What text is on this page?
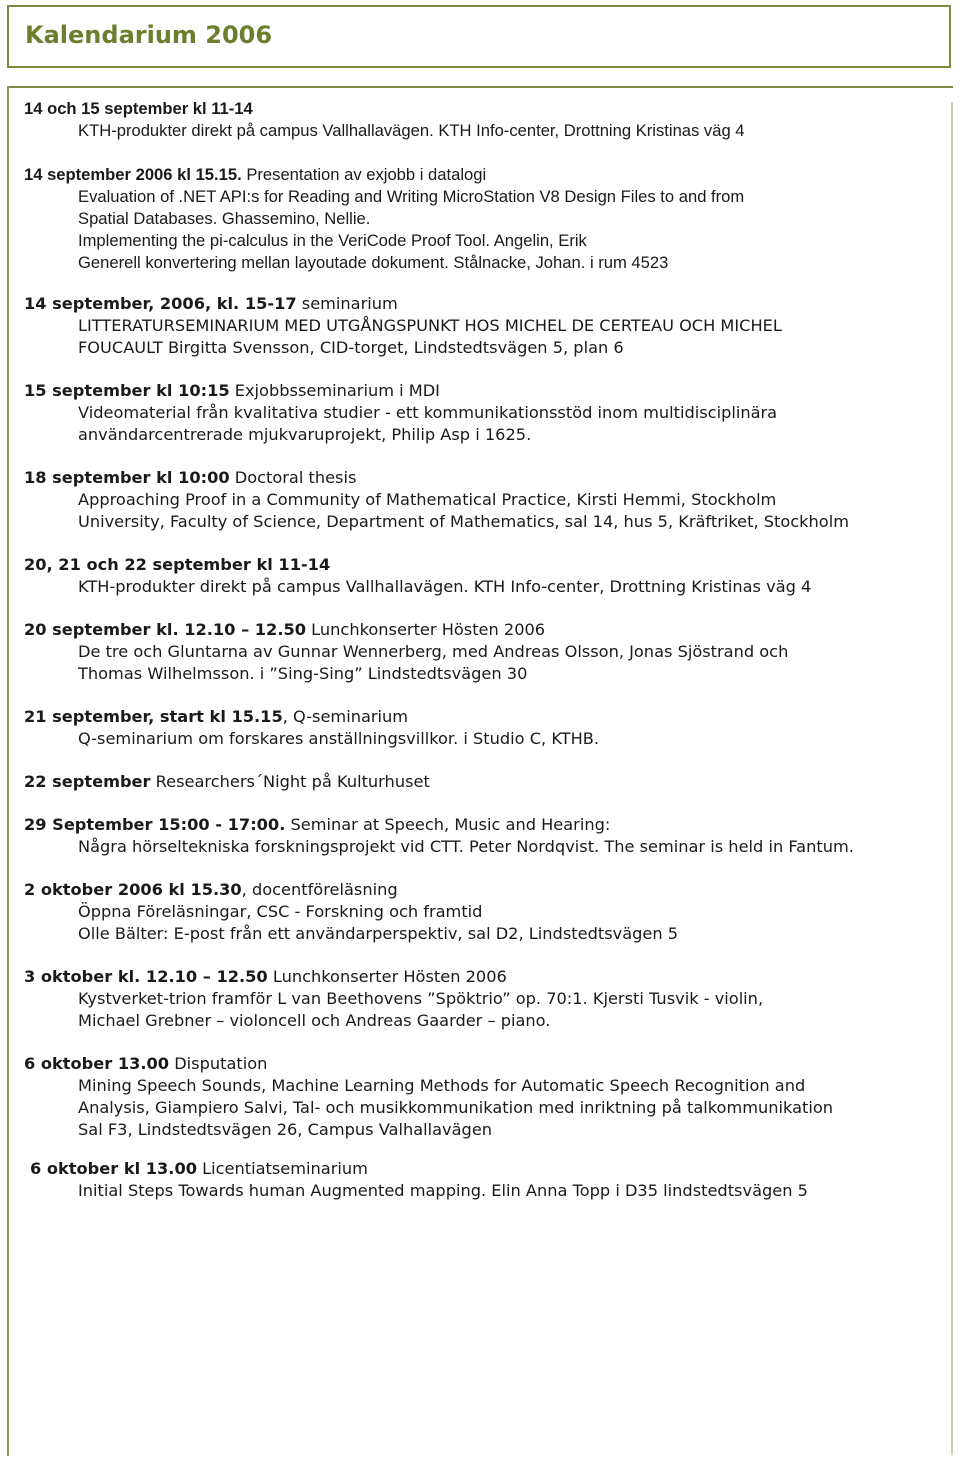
Kalendarium 2006
14 och 15 september kl 11-14
KTH-produkter direkt på campus Vallhallavägen. KTH Info-center, Drottning Kristinas väg 4
14 september 2006 kl 15.15. Presentation av exjobb i datalogi
Evaluation of .NET API:s for Reading and Writing MicroStation V8 Design Files to and from
Spatial Databases. Ghassemino, Nellie.
Implementing the pi-calculus in the VeriCode Proof Tool. Angelin, Erik
Generell konvertering mellan layoutade dokument. Stålnacke, Johan. i rum 4523
14 september, 2006, kl. 15-17 seminarium
LITTERATURSEMINARIUM MED UTGÅNGSPUNKT HOS MICHEL DE CERTEAU OCH MICHEL
FOUCAULT Birgitta Svensson, CID-torget, Lindstedtsvägen 5, plan 6
15 september kl 10:15 Exjobbsseminarium i MDI
Videomaterial från kvalitativa studier - ett kommunikationsstöd inom multidisciplinära
användarcentrerade mjukvaruprojekt, Philip Asp i 1625.
18 september kl 10:00 Doctoral thesis
Approaching Proof in a Community of Mathematical Practice, Kirsti Hemmi, Stockholm
University, Faculty of Science, Department of Mathematics, sal 14, hus 5, Kräftriket, Stockholm
20, 21 och 22 september kl 11-14
KTH-produkter direkt på campus Vallhallavägen. KTH Info-center, Drottning Kristinas väg 4
20 september kl. 12.10 – 12.50 Lunchkonserter Hösten 2006
De tre och Gluntarna av Gunnar Wennerberg, med Andreas Olsson, Jonas Sjöstrand och
Thomas Wilhelmsson. i ”Sing-Sing” Lindstedtsvägen 30
21 september, start kl 15.15, Q-seminarium
Q-seminarium om forskares anställningsvillkor. i Studio C, KTHB.
22 september Researchers´Night på Kulturhuset
29 September 15:00 - 17:00. Seminar at Speech, Music and Hearing:
Några hörseltekniska forskningsprojekt vid CTT. Peter Nordqvist. The seminar is held in Fantum.
2 oktober 2006 kl 15.30, docentföreläsning
Öppna Föreläsningar, CSC - Forskning och framtid
Olle Bälter: E-post från ett användarperspektiv, sal D2, Lindstedtsvägen 5
3 oktober kl. 12.10 – 12.50 Lunchkonserter Hösten 2006
Kystverket-trion framför L van Beethovens ”Spöktrio” op. 70:1. Kjersti Tusvik - violin,
Michael Grebner – violoncell och Andreas Gaarder – piano.
6 oktober 13.00 Disputation
Mining Speech Sounds, Machine Learning Methods for Automatic Speech Recognition and
Analysis, Giampiero Salvi, Tal- och musikkommunikation med inriktning på talkommunikation
Sal F3, Lindstedtsvägen 26, Campus Valhallavägen
6 oktober kl 13.00 Licentiatseminarium
Initial Steps Towards human Augmented mapping. Elin Anna Topp i D35 lindstedtsvägen 5
